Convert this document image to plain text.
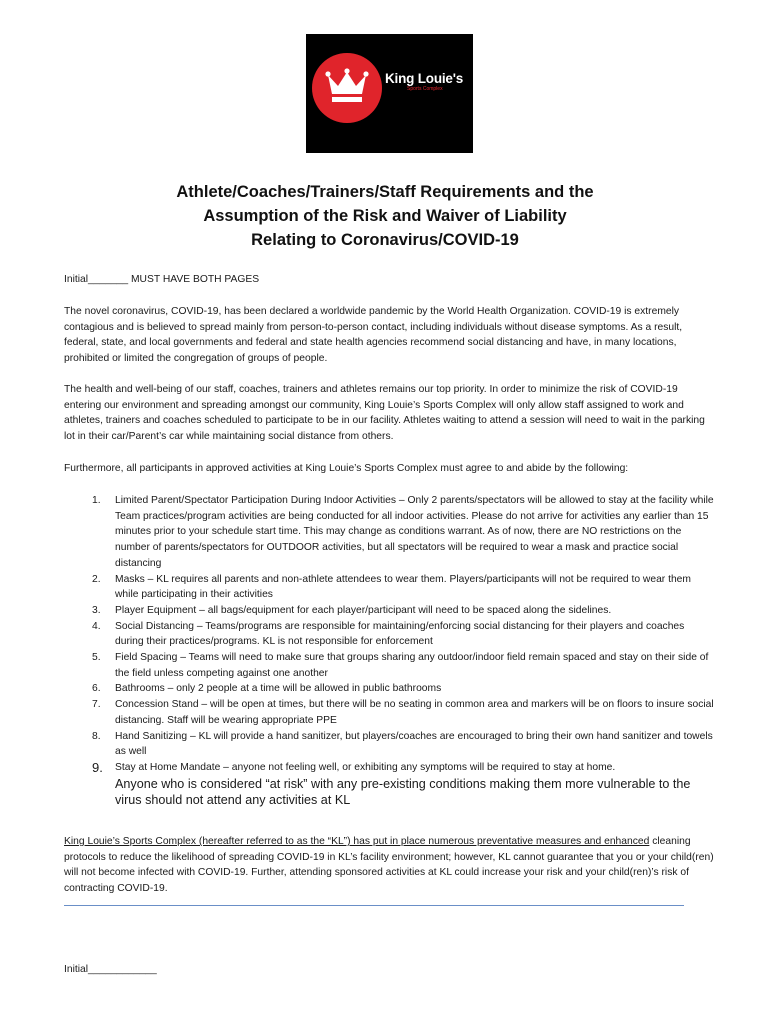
King Louie's
Sports Complex
Athlete/Coaches/Trainers/Staff Requirements and the
Assumption of the Risk and Waiver of Liability
Relating to Coronavirus/COVID-19
Initial_______ MUST HAVE BOTH PAGES
The novel coronavirus, COVID-19, has been declared a worldwide pandemic by the World Health Organization. COVID-19 is extremely contagious and is believed to spread mainly from person-to-person contact, including individuals without disease symptoms. As a result, federal, state, and local governments and federal and state health agencies recommend social distancing and have, in many locations, prohibited or limited the congregation of groups of people.
The health and well-being of our staff, coaches, trainers and athletes remains our top priority. In order to minimize the risk of COVID-19 entering our environment and spreading amongst our community, King Louie’s Sports Complex will only allow staff assigned to work and athletes, trainers and coaches scheduled to participate to be in our facility. Athletes waiting to attend a session will need to wait in the parking lot in their car/Parent’s car while maintaining social distance from others.
Furthermore, all participants in approved activities at King Louie’s Sports Complex must agree to and abide by the following:
1. Limited Parent/Spectator Participation During Indoor Activities – Only 2 parents/spectators will be allowed to stay at the facility while Team practices/program activities are being conducted for all indoor activities. Please do not arrive for activities any earlier than 15 minutes prior to your schedule start time. This may change as conditions warrant. As of now, there are NO restrictions on the number of parents/spectators for OUTDOOR activities, but all spectators will be required to wear a mask and practice social distancing
2. Masks – KL requires all parents and non-athlete attendees to wear them. Players/participants will not be required to wear them while participating in their activities
3. Player Equipment – all bags/equipment for each player/participant will need to be spaced along the sidelines.
4. Social Distancing – Teams/programs are responsible for maintaining/enforcing social distancing for their players and coaches during their practices/programs. KL is not responsible for enforcement
5. Field Spacing – Teams will need to make sure that groups sharing any outdoor/indoor field remain spaced and stay on their side of the field unless competing against one another
6. Bathrooms – only 2 people at a time will be allowed in public bathrooms
7. Concession Stand – will be open at times, but there will be no seating in common area and markers will be on floors to insure social distancing. Staff will be wearing appropriate PPE
8. Hand Sanitizing – KL will provide a hand sanitizer, but players/coaches are encouraged to bring their own hand sanitizer and towels as well
9. Stay at Home Mandate – anyone not feeling well, or exhibiting any symptoms will be required to stay at home.
Anyone who is considered “at risk” with any pre-existing conditions making them more vulnerable to the virus should not attend any activities at KL
King Louie’s Sports Complex (hereafter referred to as the “KL”) has put in place numerous preventative measures and enhanced cleaning protocols to reduce the likelihood of spreading COVID-19 in KL’s facility environment; however, KL cannot guarantee that you or your child(ren) will not become infected with COVID-19. Further, attending sponsored activities at KL could increase your risk and your child(ren)’s risk of contracting COVID-19.
Initial____________
